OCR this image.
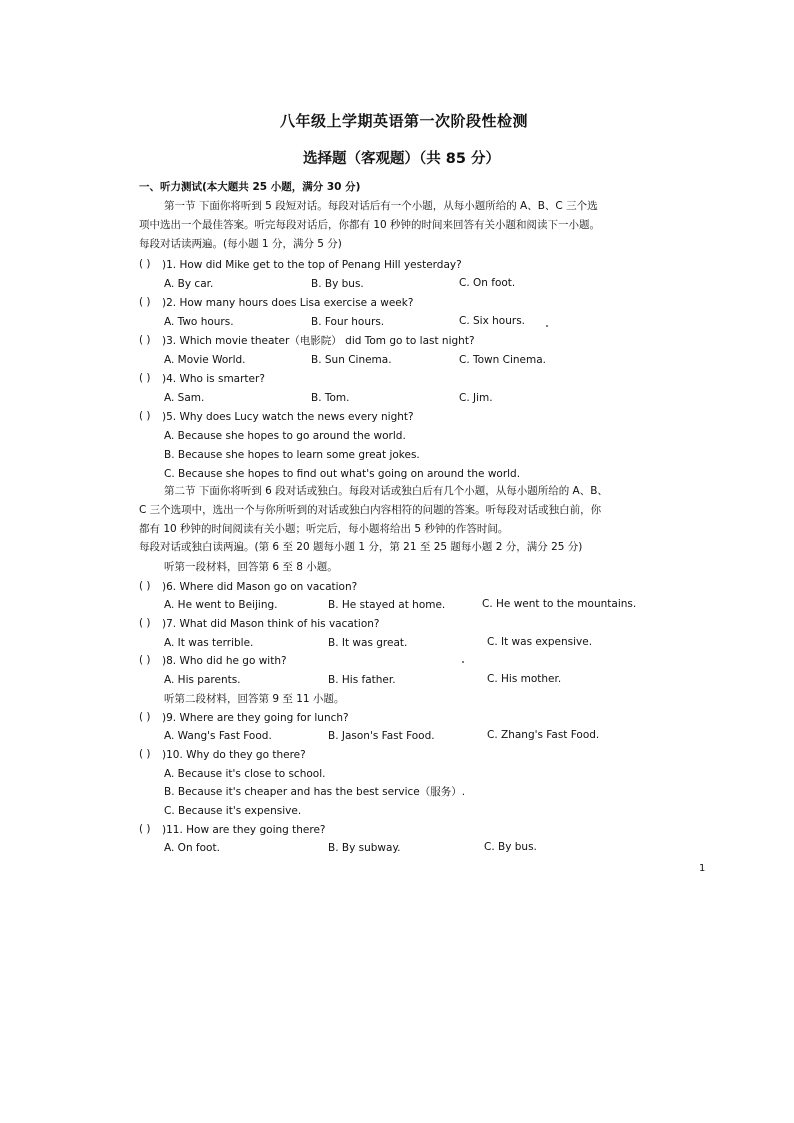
八年级上学期英语第一次阶段性检测
选择题（客观题）（共 85 分）
一、听力测试(本大题共 25 小题，满分 30 分)
第一节 下面你将听到 5 段短对话。每段对话后有一个小题，从每小题所给的 A、B、C 三个选
项中选出一个最佳答案。听完每段对话后，你都有 10 秒钟的时间来回答有关小题和阅读下一小题。
每段对话读两遍。(每小题 1 分，满分 5 分)
( ) )1. How did Mike get to the top of Penang Hill yesterday?
A. By car.	B. By bus.	C. On foot.
( ) )2. How many hours does Lisa exercise a week?
A. Two hours.	B. Four hours.	C. Six hours.
( ) )3. Which movie theater（电影院） did Tom go to last night?
A. Movie World.	B. Sun Cinema.	C. Town Cinema.
( ) )4. Who is smarter?
A. Sam.	B. Tom.	C. Jim.
( ) )5. Why does Lucy watch the news every night?
A. Because she hopes to go around the world.
B. Because she hopes to learn some great jokes.
C. Because she hopes to find out what's going on around the world.
第二节 下面你将听到 6 段对话或独白。每段对话或独白后有几个小题，从每小题所给的 A、B、
C 三个选项中，选出一个与你所听到的对话或独白内容相符的问题的答案。听每段对话或独白前，你
都有 10 秒钟的时间阅读有关小题；听完后，每小题将给出 5 秒钟的作答时间。
每段对话或独白读两遍。(第 6 至 20 题每小题 1 分，第 21 至 25 题每小题 2 分，满分 25 分)
听第一段材料，回答第 6 至 8 小题。
( ) )6. Where did Mason go on vacation?
A. He went to Beijing.	B. He stayed at home.	C. He went to the mountains.
( ) )7. What did Mason think of his vacation?
A. It was terrible.	B. It was great.	C. It was expensive.
( ) )8. Who did he go with?
A. His parents.	B. His father.	C. His mother.
听第二段材料，回答第 9 至 11 小题。
( ) )9. Where are they going for lunch?
A. Wang's Fast Food.	B. Jason's Fast Food.	C. Zhang's Fast Food.
( ) )10. Why do they go there?
A. Because it's close to school.
B. Because it's cheaper and has the best service（服务）.
C. Because it's expensive.
( ) )11. How are they going there?
A. On foot.	B. By subway.	C. By bus.
1
